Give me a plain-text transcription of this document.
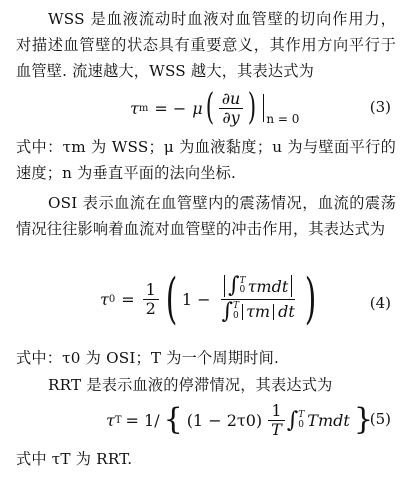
WSS 是血液流动时血液对血管壁的切向作用力，对描述血管壁的状态具有重要意义，其作用方向平行于血管壁. 流速越大，WSS 越大，其表达式为
τ m = − μ ( $\frac{\partial u}{\partial y}$ ) n = 0
(3)
式中：τm 为 WSS；μ 为血液黏度；u 为与壁面平行的速度；n 为垂直平面的法向坐标.
OSI 表示血流在血管壁内的震荡情况，血流的震荡情况往往影响着血流对血管壁的冲击作用，其表达式为
τ $0 = \frac{1}{2}$ ( 1 −
∫ T
0 τmdt
∫ T
0 τm dt )	(4)
式中：τ0 为 OSI；T 为一个周期时间.
RRT 是表示血液的停滞情况，其表达式为
τ T = 1/ { $(1 - 2\tau 0) \frac{1}{T}$ ∫ T
0 Tmdt }
(5)
式中 τT 为 RRT.
